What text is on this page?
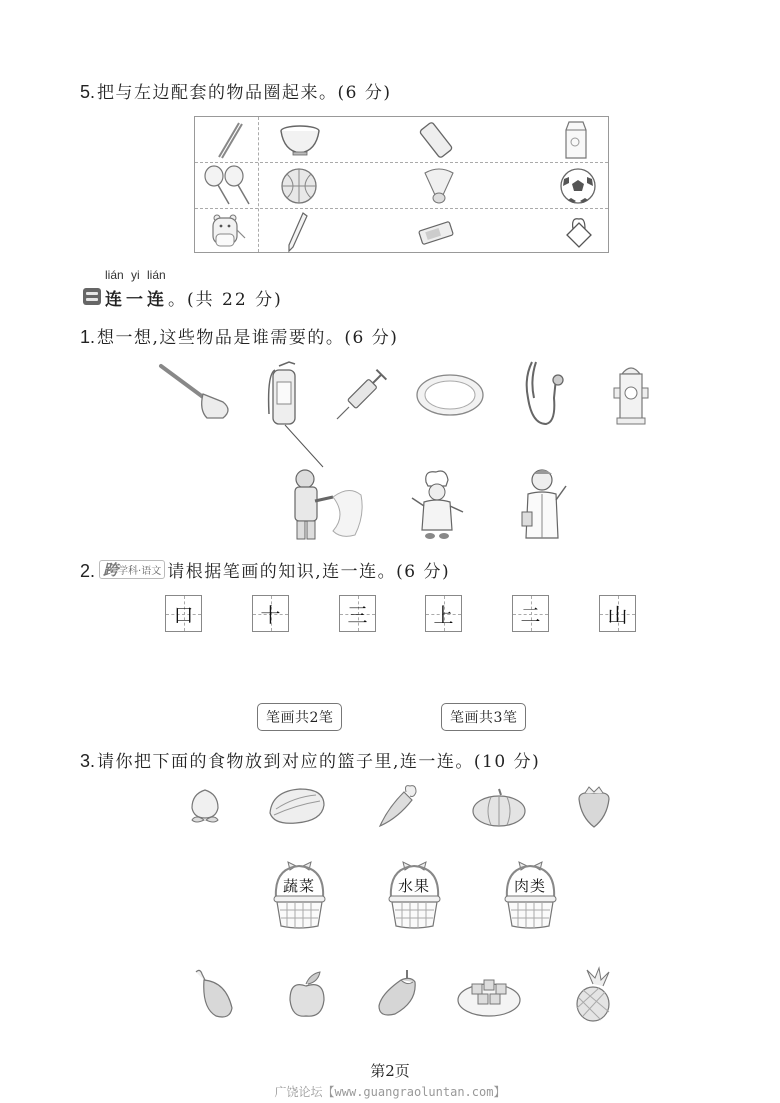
5. 把与左边配套的物品圈起来。(6 分)
lián yi lián
连一连。(共 22 分)
1. 想一想,这些物品是谁需要的。(6 分)
2. 跨 学科·语文 请根据笔画的知识,连一连。(6 分)
口	十	三	上	二	山
笔画共2笔	笔画共3笔
3. 请你把下面的食物放到对应的篮子里,连一连。(10 分)
蔬菜	水果	肉类
第2页
广饶论坛【www.guangraoluntan.com】
